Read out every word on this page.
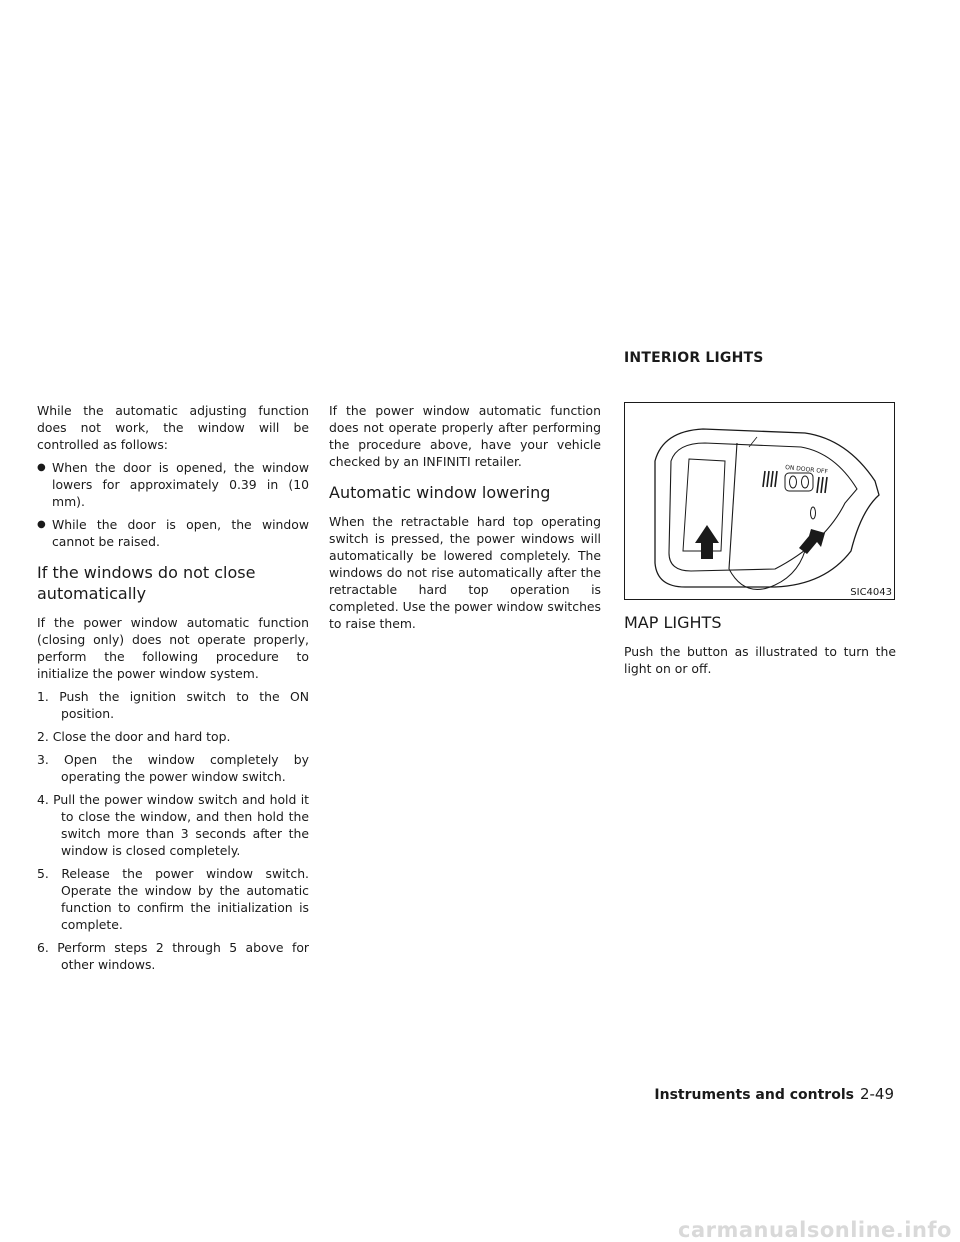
INTERIOR LIGHTS

While the automatic adjusting function does not work, the window will be controlled as follows:

● When the door is opened, the window lowers for approximately 0.39 in (10 mm).
● While the door is open, the window cannot be raised.
If the windows do not close automatically

If the power window automatic function (closing only) does not operate properly, perform the following procedure to initialize the power window system.

1. Push the ignition switch to the ON position.
2. Close the door and hard top.
3. Open the window completely by operating the power window switch.
4. Pull the power window switch and hold it to close the window, and then hold the switch more than 3 seconds after the window is closed completely.
5. Release the power window switch. Operate the window by the automatic function to confirm the initialization is complete.
6. Perform steps 2 through 5 above for other windows.

If the power window automatic function does not operate properly after performing the procedure above, have your vehicle checked by an INFINITI retailer.

Automatic window lowering

When the retractable hard top operating switch is pressed, the power windows will automatically be lowered completely. The windows do not rise automatically after the retractable hard top operation is completed. Use the power window switches to raise them.

ON DOOR OFF
SIC4043
MAP LIGHTS

Push the button as illustrated to turn the light on or off.

Instruments and controls 2-49
carmanualsonline.info
